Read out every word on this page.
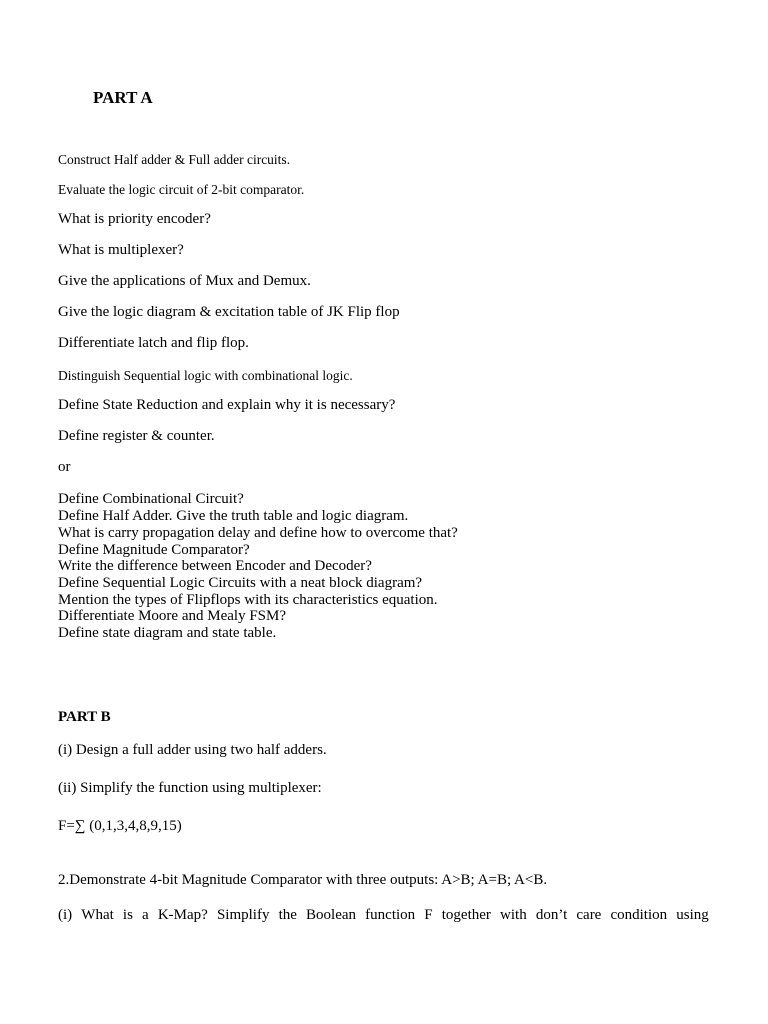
PART A
Construct Half adder & Full adder circuits.
Evaluate the logic circuit of 2-bit comparator.
What is priority encoder?
What is multiplexer?
Give the applications of Mux and Demux.
Give the logic diagram & excitation table of JK Flip flop
Differentiate latch and flip flop.
Distinguish Sequential logic with combinational logic.
Define State Reduction and explain why it is necessary?
Define register & counter.
or
Define Combinational Circuit?
Define Half Adder. Give the truth table and logic diagram.
What is carry propagation delay and define how to overcome that?
Define Magnitude Comparator?
Write the difference between Encoder and Decoder?
Define Sequential Logic Circuits with a neat block diagram?
Mention the types of Flipflops with its characteristics equation.
Differentiate Moore and Mealy FSM?
Define state diagram and state table.
PART B
(i) Design a full adder using two half adders.
(ii) Simplify the function using multiplexer:
F=∑ (0,1,3,4,8,9,15)
2.Demonstrate 4-bit Magnitude Comparator with three outputs: A>B; A=B; A<B.
(i) What is a K-Map? Simplify the Boolean function F together with don’t care condition using
